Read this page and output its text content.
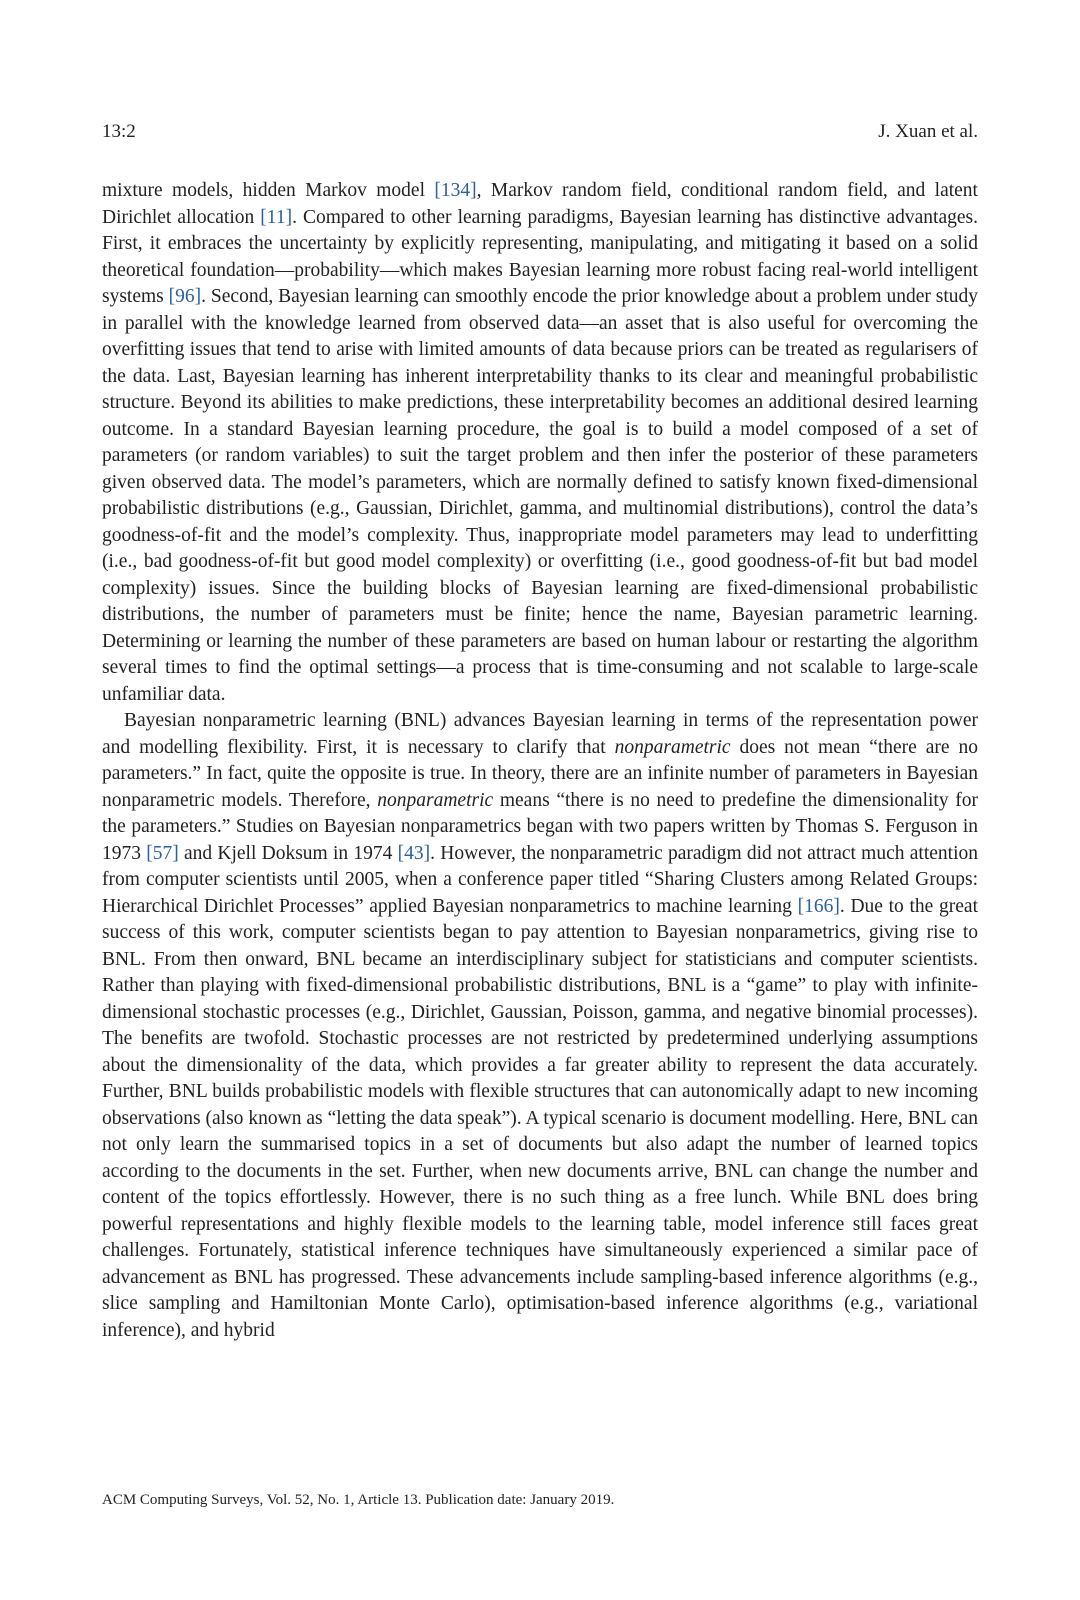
13:2	J. Xuan et al.

mixture models, hidden Markov model [134], Markov random field, conditional random field, and latent Dirichlet allocation [11]. Compared to other learning paradigms, Bayesian learning has distinctive advantages. First, it embraces the uncertainty by explicitly representing, manipulating, and mitigating it based on a solid theoretical foundation—probability—which makes Bayesian learning more robust facing real-world intelligent systems [96]. Second, Bayesian learning can smoothly encode the prior knowledge about a problem under study in parallel with the knowledge learned from observed data—an asset that is also useful for overcoming the overfitting issues that tend to arise with limited amounts of data because priors can be treated as regularisers of the data. Last, Bayesian learning has inherent interpretability thanks to its clear and meaningful probabilistic structure. Beyond its abilities to make predictions, these interpretability becomes an additional desired learning outcome. In a standard Bayesian learning procedure, the goal is to build a model composed of a set of parameters (or random variables) to suit the target problem and then infer the posterior of these parameters given observed data. The model’s parameters, which are normally defined to satisfy known fixed-dimensional probabilistic distributions (e.g., Gaussian, Dirichlet, gamma, and multinomial distributions), control the data’s goodness-of-fit and the model’s complexity. Thus, inappropriate model parameters may lead to underfitting (i.e., bad goodness-of-fit but good model complexity) or overfitting (i.e., good goodness-of-fit but bad model complexity) issues. Since the building blocks of Bayesian learning are fixed-dimensional probabilistic distributions, the number of parameters must be finite; hence the name, Bayesian parametric learning. Determining or learning the number of these parameters are based on human labour or restarting the algorithm several times to find the optimal settings—a process that is time-consuming and not scalable to large-scale unfamiliar data.

Bayesian nonparametric learning (BNL) advances Bayesian learning in terms of the representation power and modelling flexibility. First, it is necessary to clarify that nonparametric does not mean “there are no parameters.” In fact, quite the opposite is true. In theory, there are an infinite number of parameters in Bayesian nonparametric models. Therefore, nonparametric means “there is no need to predefine the dimensionality for the parameters.” Studies on Bayesian nonparametrics began with two papers written by Thomas S. Ferguson in 1973 [57] and Kjell Doksum in 1974 [43]. However, the nonparametric paradigm did not attract much attention from computer scientists until 2005, when a conference paper titled “Sharing Clusters among Related Groups: Hierarchical Dirichlet Processes” applied Bayesian nonparametrics to machine learning [166]. Due to the great success of this work, computer scientists began to pay attention to Bayesian nonparametrics, giving rise to BNL. From then onward, BNL became an interdisciplinary subject for statisticians and computer scientists. Rather than playing with fixed-dimensional probabilistic distributions, BNL is a “game” to play with infinite-dimensional stochastic processes (e.g., Dirichlet, Gaussian, Poisson, gamma, and negative binomial processes). The benefits are twofold. Stochastic processes are not restricted by predetermined underlying assumptions about the dimensionality of the data, which provides a far greater ability to represent the data accurately. Further, BNL builds probabilistic models with flexible structures that can autonomically adapt to new incoming observations (also known as “letting the data speak”). A typical scenario is document modelling. Here, BNL can not only learn the summarised topics in a set of documents but also adapt the number of learned topics according to the documents in the set. Further, when new documents arrive, BNL can change the number and content of the topics effortlessly. However, there is no such thing as a free lunch. While BNL does bring powerful representations and highly flexible models to the learning table, model inference still faces great challenges. Fortunately, statistical inference techniques have simultaneously experienced a similar pace of advancement as BNL has progressed. These advancements include sampling-based inference algorithms (e.g., slice sampling and Hamiltonian Monte Carlo), optimisation-based inference algorithms (e.g., variational inference), and hybrid

ACM Computing Surveys, Vol. 52, No. 1, Article 13. Publication date: January 2019.
